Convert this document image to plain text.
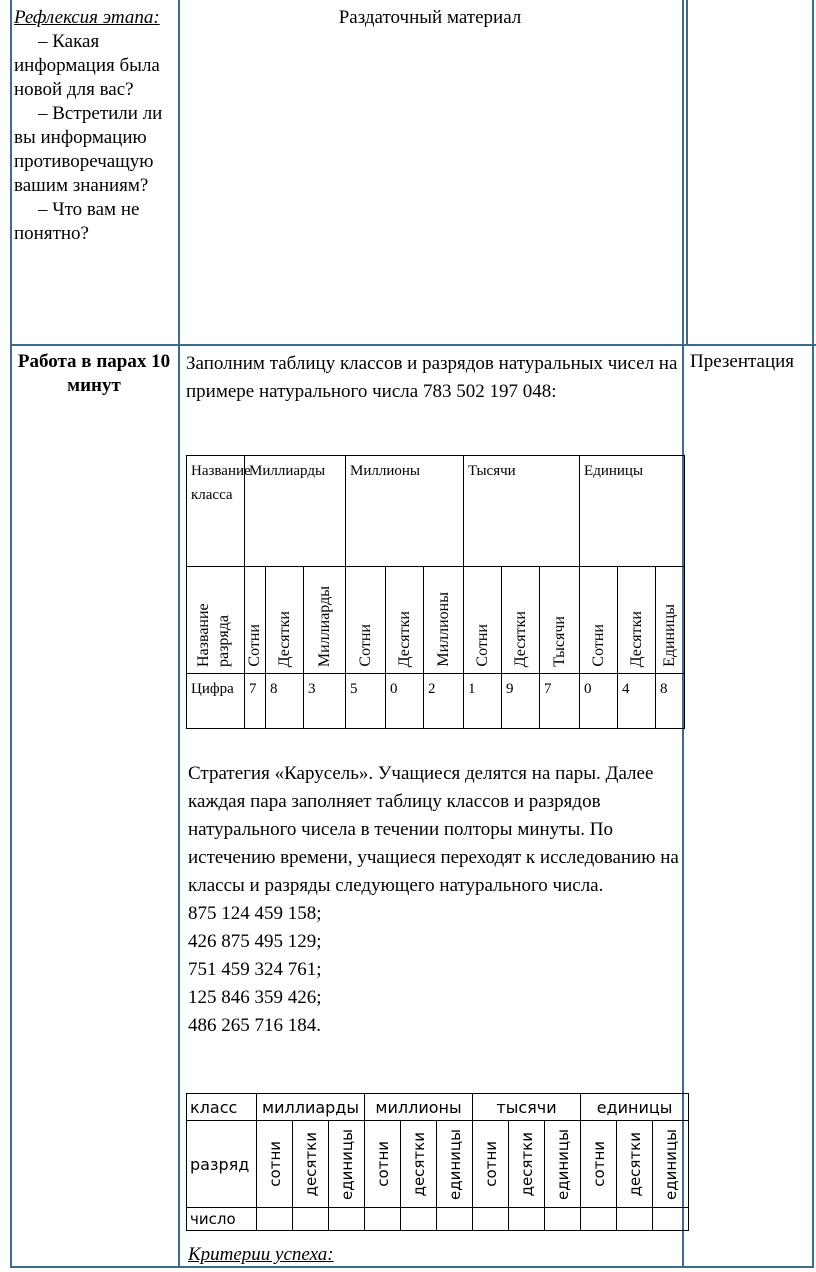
Рефлексия этапа:
– Какая информация была новой для вас?
– Встретили ли вы информацию противоречащую вашим знаниям?
– Что вам не понятно?
Раздаточный материал
Работа в парах 10 минут
Презентация
Заполним таблицу классов и разрядов натуральных чисел на примере натурального числа 783 502 197 048:
Название класса	Миллиарды			Миллионы			Тысячи			Единицы		

Название разряда	Сотни	Десятки	Миллиарды	Сотни	Десятки	Миллионы	Сотни	Десятки	Тысячи	Сотни	Десятки	Единицы

Цифра	7	8	3	5	0	2	1	9	7	0	4	8
Стратегия «Карусель». Учащиеся делятся на пары. Далее каждая пара заполняет таблицу классов и разрядов натурального чисела в течении полторы минуты. По истечению времени, учащиеся переходят к исследованию на классы и разряды следующего натурального числа.
875 124 459 158;
426 875 495 129;
751 459 324 761;
125 846 359 426;
486 265 716 184.
класс	миллиарды			миллионы			тысячи			единицы		
разряд	сотни	десятки	единицы	сотни	десятки	единицы	сотни	десятки	единицы	сотни	десятки	единицы

число												
Критерии успеха:
